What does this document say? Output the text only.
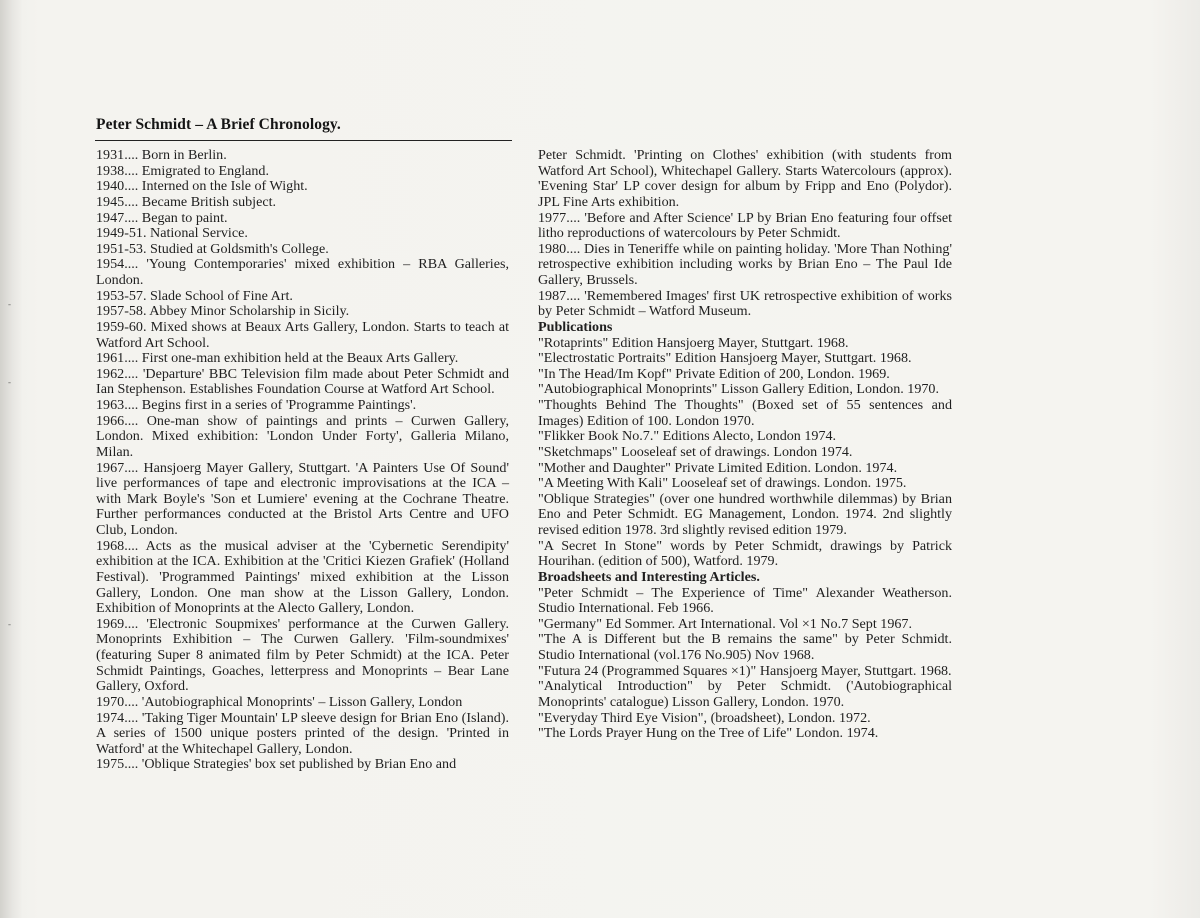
-
-
-
Peter Schmidt – A Brief Chronology.

1931.... Born in Berlin.

1938.... Emigrated to England.

1940.... Interned on the Isle of Wight.

1945.... Became British subject.

1947.... Began to paint.

1949-51. National Service.

1951-53. Studied at Goldsmith's College.

1954.... 'Young Contemporaries' mixed exhibition – RBA Galleries, London.

1953-57. Slade School of Fine Art.

1957-58. Abbey Minor Scholarship in Sicily.

1959-60. Mixed shows at Beaux Arts Gallery, London. Starts to teach at Watford Art School.

1961.... First one-man exhibition held at the Beaux Arts Gallery.

1962.... 'Departure' BBC Television film made about Peter Schmidt and Ian Stephenson. Establishes Foundation Course at Watford Art School.

1963.... Begins first in a series of 'Programme Paintings'.

1966.... One-man show of paintings and prints – Curwen Gallery, London. Mixed exhibition: 'London Under Forty', Galleria Milano, Milan.

1967.... Hansjoerg Mayer Gallery, Stuttgart. 'A Painters Use Of Sound' live performances of tape and electronic improvisations at the ICA – with Mark Boyle's 'Son et Lumiere' evening at the Cochrane Theatre. Further performances conducted at the Bristol Arts Centre and UFO Club, London.

1968.... Acts as the musical adviser at the 'Cybernetic Serendipity' exhibition at the ICA. Exhibition at the 'Critici Kiezen Grafiek' (Holland Festival). 'Programmed Paintings' mixed exhibition at the Lisson Gallery, London. One man show at the Lisson Gallery, London. Exhibition of Monoprints at the Alecto Gallery, London.

1969.... 'Electronic Soupmixes' performance at the Curwen Gallery. Monoprints Exhibition – The Curwen Gallery. 'Film-soundmixes' (featuring Super 8 animated film by Peter Schmidt) at the ICA. Peter Schmidt Paintings, Goaches, letterpress and Monoprints – Bear Lane Gallery, Oxford.

1970.... 'Autobiographical Monoprints' – Lisson Gallery, London

1974.... 'Taking Tiger Mountain' LP sleeve design for Brian Eno (Island). A series of 1500 unique posters printed of the design. 'Printed in Watford' at the Whitechapel Gallery, London.

1975.... 'Oblique Strategies' box set published by Brian Eno and

Peter Schmidt. 'Printing on Clothes' exhibition (with students from Watford Art School), Whitechapel Gallery. Starts Watercolours (approx). 'Evening Star' LP cover design for album by Fripp and Eno (Polydor). JPL Fine Arts exhibition.

1977.... 'Before and After Science' LP by Brian Eno featuring four offset litho reproductions of watercolours by Peter Schmidt.

1980.... Dies in Teneriffe while on painting holiday. 'More Than Nothing' retrospective exhibition including works by Brian Eno – The Paul Ide Gallery, Brussels.

1987.... 'Remembered Images' first UK retrospective exhibition of works by Peter Schmidt – Watford Museum.

Publications

"Rotaprints" Edition Hansjoerg Mayer, Stuttgart. 1968.

"Electrostatic Portraits" Edition Hansjoerg Mayer, Stuttgart. 1968.

"In The Head/Im Kopf" Private Edition of 200, London. 1969.

"Autobiographical Monoprints" Lisson Gallery Edition, London. 1970.

"Thoughts Behind The Thoughts" (Boxed set of 55 sentences and Images) Edition of 100. London 1970.

"Flikker Book No.7." Editions Alecto, London 1974.

"Sketchmaps" Looseleaf set of drawings. London 1974.

"Mother and Daughter" Private Limited Edition. London. 1974.

"A Meeting With Kali" Looseleaf set of drawings. London. 1975.

"Oblique Strategies" (over one hundred worthwhile dilemmas) by Brian Eno and Peter Schmidt. EG Management, London. 1974. 2nd slightly revised edition 1978. 3rd slightly revised edition 1979.

"A Secret In Stone" words by Peter Schmidt, drawings by Patrick Hourihan. (edition of 500), Watford. 1979.

Broadsheets and Interesting Articles.

"Peter Schmidt – The Experience of Time" Alexander Weatherson. Studio International. Feb 1966.

"Germany" Ed Sommer. Art International. Vol ×1 No.7 Sept 1967.

"The A is Different but the B remains the same" by Peter Schmidt. Studio International (vol.176 No.905) Nov 1968.

"Futura 24 (Programmed Squares ×1)" Hansjoerg Mayer, Stuttgart. 1968.

"Analytical Introduction" by Peter Schmidt. ('Autobiographical Monoprints' catalogue) Lisson Gallery, London. 1970.

"Everyday Third Eye Vision", (broadsheet), London. 1972.

"The Lords Prayer Hung on the Tree of Life" London. 1974.
